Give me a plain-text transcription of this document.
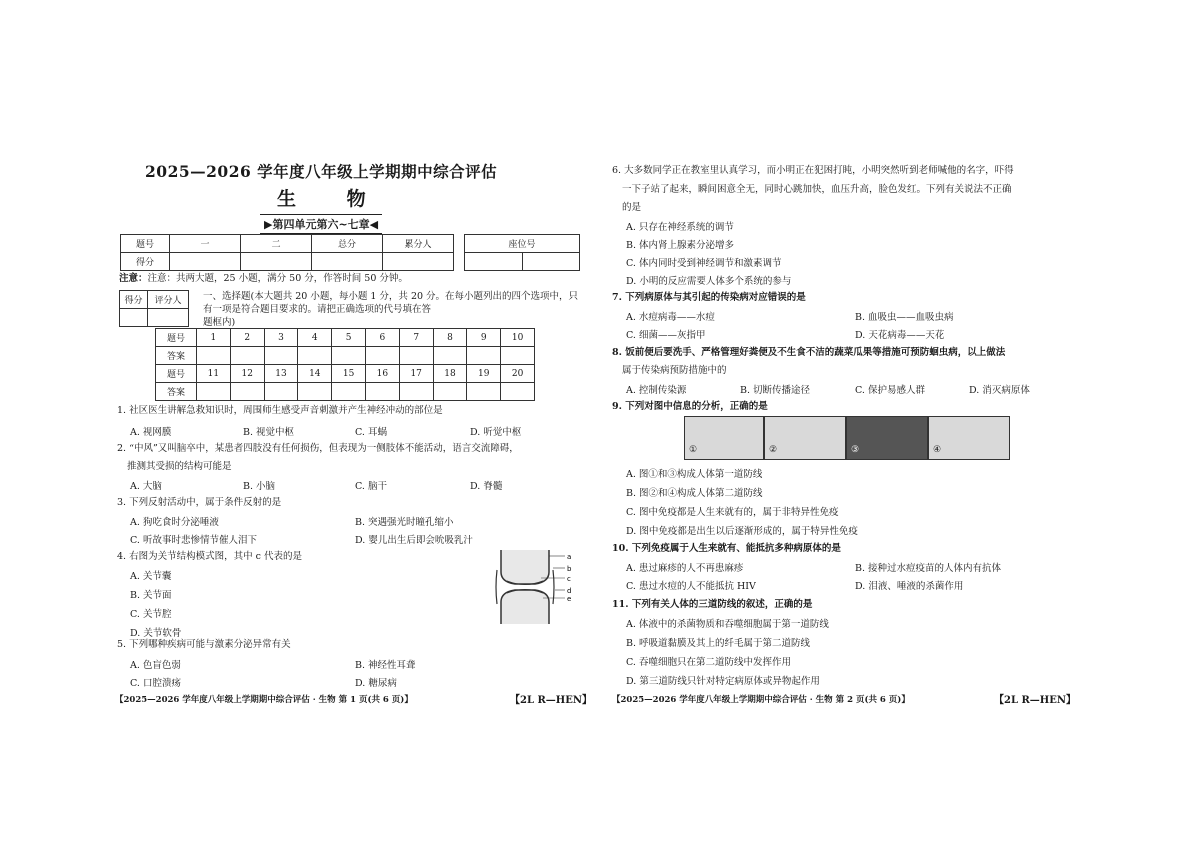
2025—2026 学年度八年级上学期期中综合评估
生 物
▶第四单元第六~七章◀
题号	一	二	总分	累分人		座位号	
得分							
注意：注意：共两大题，25 小题，满分 50 分，作答时间 50 分钟。
得分	评分人
	一、选择题(本大题共 20 小题，每小题 1 分，共 20 分。在每小题列出的四个选项中，只有一项是符合题目要求的。请把正确选项的代号填在答
题框内)
题号	1	2	3	4	5	6	7	8	9	10
答案										
题号	11	12	13	14	15	16	17	18	19	20
答案										
1. 社区医生讲解急救知识时，周围师生感受声音刺激并产生神经冲动的部位是
A. 视网膜	B. 视觉中枢	C. 耳蜗	D. 听觉中枢
2. “中风”又叫脑卒中，某患者四肢没有任何损伤，但表现为一侧肢体不能活动，语言交流障碍，
推测其受损的结构可能是
A. 大脑	B. 小脑	C. 脑干	D. 脊髓
3. 下列反射活动中，属于条件反射的是
A. 狗吃食时分泌唾液	B. 突遇强光时瞳孔缩小
C. 听故事时悲惨情节催人泪下	D. 婴儿出生后即会吮吸乳汁
4. 右图为关节结构模式图，其中 c 代表的是
A. 关节囊
B. 关节面
C. 关节腔
D. 关节软骨
a
b
c
d
e
5. 下列哪种疾病可能与激素分泌异常有关
A. 色盲色弱	B. 神经性耳聋
C. 口腔溃疡	D. 糖尿病
【2025—2026 学年度八年级上学期期中综合评估 · 生物 第 1 页(共 6 页)】	【2L R—HEN】
6. 大多数同学正在教室里认真学习，而小明正在犯困打盹，小明突然听到老师喊他的名字，吓得
一下子站了起来，瞬间困意全无，同时心跳加快，血压升高，脸色发红。下列有关说法不正确
的是
A. 只存在神经系统的调节
B. 体内肾上腺素分泌增多
C. 体内同时受到神经调节和激素调节
D. 小明的反应需要人体多个系统的参与
7. 下列病原体与其引起的传染病对应错误的是
A. 水痘病毒——水痘	B. 血吸虫——血吸虫病
C. 细菌——灰指甲	D. 天花病毒——天花
8. 饭前便后要洗手、严格管理好粪便及不生食不洁的蔬菜瓜果等措施可预防蛔虫病，以上做法
属于传染病预防措施中的
A. 控制传染源	B. 切断传播途径	C. 保护易感人群	D. 消灭病原体
9. 下列对图中信息的分析，正确的是
①	②	③	④
A. 图①和③构成人体第一道防线
B. 图②和④构成人体第二道防线
C. 图中免疫都是人生来就有的，属于非特异性免疫
D. 图中免疫都是出生以后逐渐形成的，属于特异性免疫
10. 下列免疫属于人生来就有、能抵抗多种病原体的是
A. 患过麻疹的人不再患麻疹	B. 接种过水痘疫苗的人体内有抗体
C. 患过水痘的人不能抵抗 HIV	D. 泪液、唾液的杀菌作用
11. 下列有关人体的三道防线的叙述，正确的是
A. 体液中的杀菌物质和吞噬细胞属于第一道防线
B. 呼吸道黏膜及其上的纤毛属于第二道防线
C. 吞噬细胞只在第二道防线中发挥作用
D. 第三道防线只针对特定病原体或异物起作用
【2025—2026 学年度八年级上学期期中综合评估 · 生物 第 2 页(共 6 页)】	【2L R—HEN】
